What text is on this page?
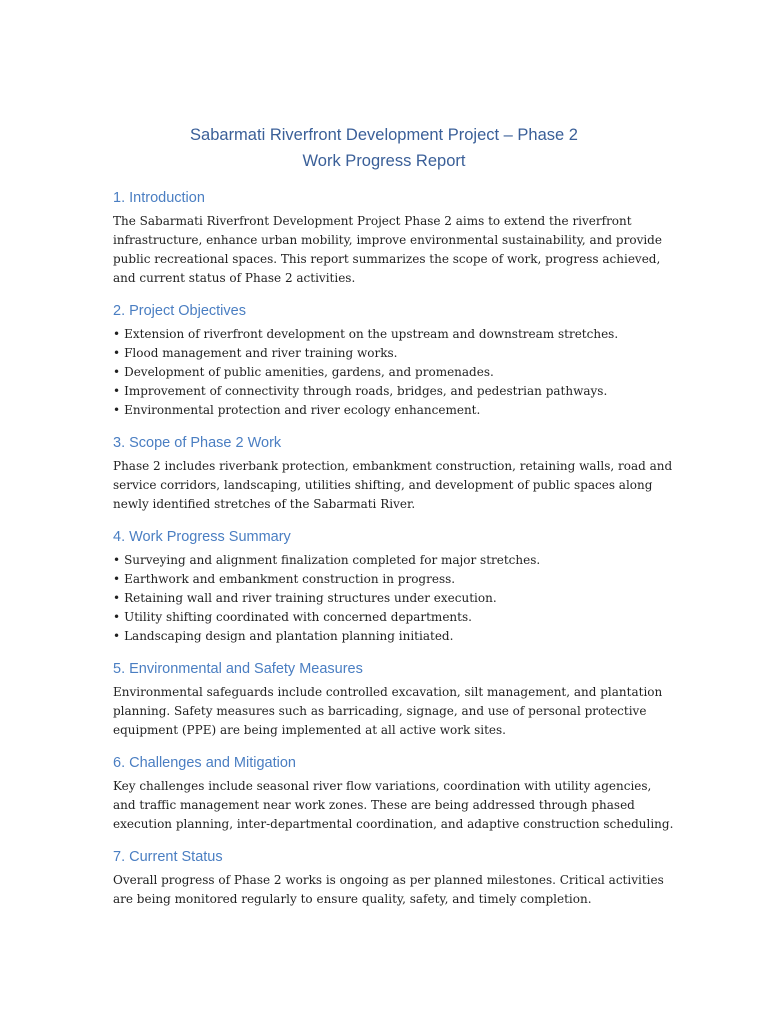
Sabarmati Riverfront Development Project – Phase 2
Work Progress Report
1. Introduction

The Sabarmati Riverfront Development Project Phase 2 aims to extend the riverfront
infrastructure, enhance urban mobility, improve environmental sustainability, and provide
public recreational spaces. This report summarizes the scope of work, progress achieved,
and current status of Phase 2 activities.

2. Project Objectives
• Extension of riverfront development on the upstream and downstream stretches.
• Flood management and river training works.
• Development of public amenities, gardens, and promenades.
• Improvement of connectivity through roads, bridges, and pedestrian pathways.
• Environmental protection and river ecology enhancement.
3. Scope of Phase 2 Work

Phase 2 includes riverbank protection, embankment construction, retaining walls, road and
service corridors, landscaping, utilities shifting, and development of public spaces along
newly identified stretches of the Sabarmati River.

4. Work Progress Summary
• Surveying and alignment finalization completed for major stretches.
• Earthwork and embankment construction in progress.
• Retaining wall and river training structures under execution.
• Utility shifting coordinated with concerned departments.
• Landscaping design and plantation planning initiated.
5. Environmental and Safety Measures

Environmental safeguards include controlled excavation, silt management, and plantation
planning. Safety measures such as barricading, signage, and use of personal protective
equipment (PPE) are being implemented at all active work sites.

6. Challenges and Mitigation

Key challenges include seasonal river flow variations, coordination with utility agencies,
and traffic management near work zones. These are being addressed through phased
execution planning, inter-departmental coordination, and adaptive construction scheduling.

7. Current Status

Overall progress of Phase 2 works is ongoing as per planned milestones. Critical activities
are being monitored regularly to ensure quality, safety, and timely completion.
